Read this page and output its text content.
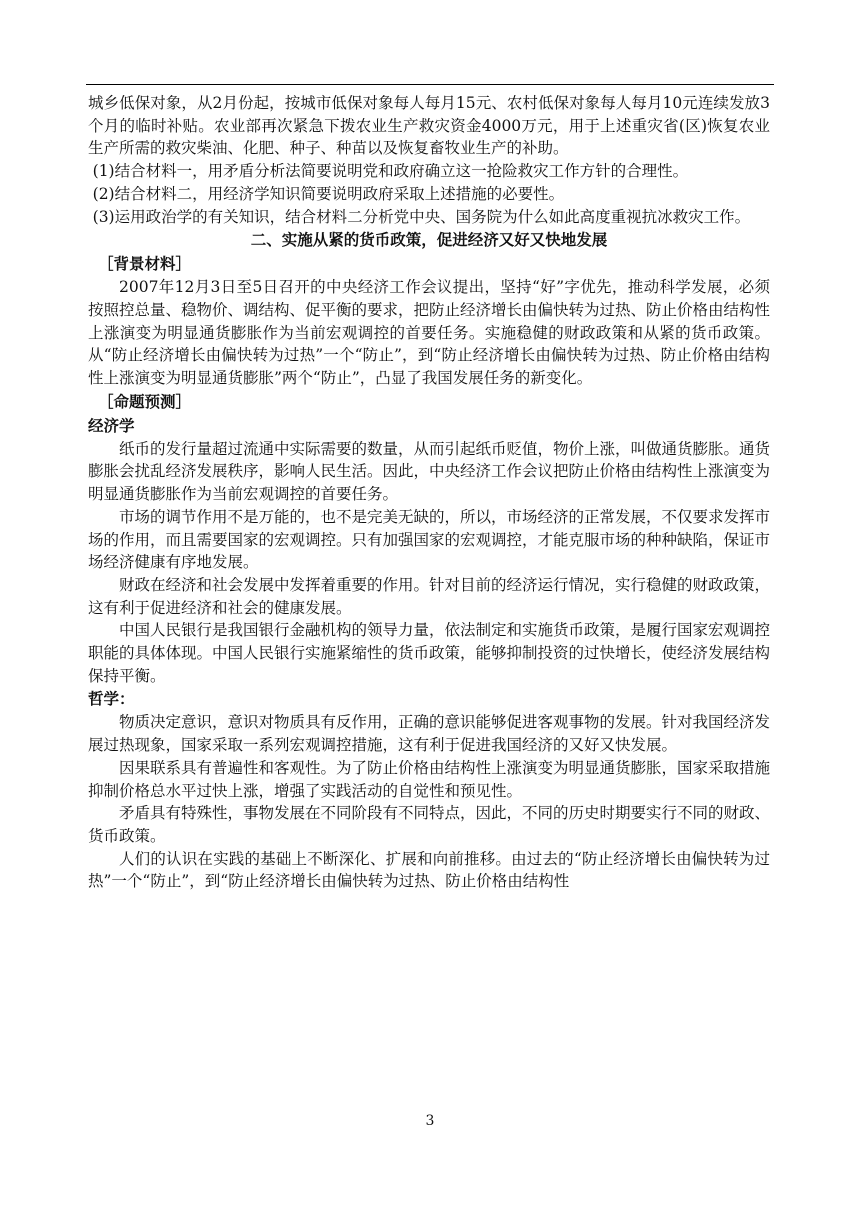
城乡低保对象，从2月份起，按城市低保对象每人每月15元、农村低保对象每人每月10元连续发放3个月的临时补贴。农业部再次紧急下拨农业生产救灾资金4000万元，用于上述重灾省(区)恢复农业生产所需的救灾柴油、化肥、种子、种苗以及恢复畜牧业生产的补助。

(1)结合材料一，用矛盾分析法简要说明党和政府确立这一抢险救灾工作方针的合理性。

(2)结合材料二，用经济学知识简要说明政府采取上述措施的必要性。

(3)运用政治学的有关知识，结合材料二分析党中央、国务院为什么如此高度重视抗冰救灾工作。

二、实施从紧的货币政策，促进经济又好又快地发展

［背景材料］

2007年12月3日至5日召开的中央经济工作会议提出，坚持“好”字优先，推动科学发展，必须按照控总量、稳物价、调结构、促平衡的要求，把防止经济增长由偏快转为过热、防止价格由结构性上涨演变为明显通货膨胀作为当前宏观调控的首要任务。实施稳健的财政政策和从紧的货币政策。从“防止经济增长由偏快转为过热”一个“防止”，到“防止经济增长由偏快转为过热、防止价格由结构性上涨演变为明显通货膨胀”两个“防止”，凸显了我国发展任务的新变化。

［命题预测］

经济学

纸币的发行量超过流通中实际需要的数量，从而引起纸币贬值，物价上涨，叫做通货膨胀。通货膨胀会扰乱经济发展秩序，影响人民生活。因此，中央经济工作会议把防止价格由结构性上涨演变为明显通货膨胀作为当前宏观调控的首要任务。

市场的调节作用不是万能的，也不是完美无缺的，所以，市场经济的正常发展，不仅要求发挥市场的作用，而且需要国家的宏观调控。只有加强国家的宏观调控，才能克服市场的种种缺陷，保证市场经济健康有序地发展。

财政在经济和社会发展中发挥着重要的作用。针对目前的经济运行情况，实行稳健的财政政策，这有利于促进经济和社会的健康发展。

中国人民银行是我国银行金融机构的领导力量，依法制定和实施货币政策，是履行国家宏观调控职能的具体体现。中国人民银行实施紧缩性的货币政策，能够抑制投资的过快增长，使经济发展结构保持平衡。

哲学：

物质决定意识，意识对物质具有反作用，正确的意识能够促进客观事物的发展。针对我国经济发展过热现象，国家采取一系列宏观调控措施，这有利于促进我国经济的又好又快发展。

因果联系具有普遍性和客观性。为了防止价格由结构性上涨演变为明显通货膨胀，国家采取措施抑制价格总水平过快上涨，增强了实践活动的自觉性和预见性。

矛盾具有特殊性，事物发展在不同阶段有不同特点，因此，不同的历史时期要实行不同的财政、货币政策。

人们的认识在实践的基础上不断深化、扩展和向前推移。由过去的“防止经济增长由偏快转为过热”一个“防止”，到“防止经济增长由偏快转为过热、防止价格由结构性

3
